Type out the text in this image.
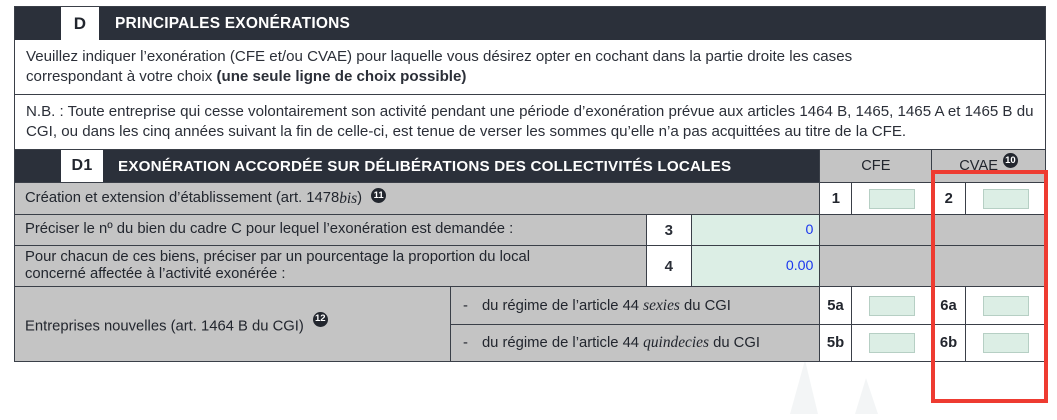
D	PRINCIPALES EXONÉRATIONS
Veuillez indiquer l’exonération (CFE et/ou CVAE) pour laquelle vous désirez opter en cochant dans la partie droite les cases
correspondant à votre choix (une seule ligne de choix possible)
N.B. : Toute entreprise qui cesse volontairement son activité pendant une période d’exonération prévue aux articles 1464 B, 1465, 1465 A et 1465 B du CGI, ou dans les cinq années suivant la fin de celle-ci, est tenue de verser les sommes qu’elle n’a pas acquittées au titre de la CFE.
D1	EXONÉRATION ACCORDÉE SUR DÉLIBÉRATIONS DES COLLECTIVITÉS LOCALES	CFE	CVAE 10
Création et extension d’établissement (art. 1478 bis ) 11	1	2
Préciser le nº du bien du cadre C pour lequel l’exonération est demandée :	3	0
Pour chacun de ces biens, préciser par un pourcentage la proportion du local
concerné affectée à l’activité exonérée :	4	0.00
Entreprises nouvelles (art. 1464 B du CGI) 12
- du régime de l’article 44 sexies du CGI	5a	6a
- du régime de l’article 44 quindecies du CGI	5b	6b
